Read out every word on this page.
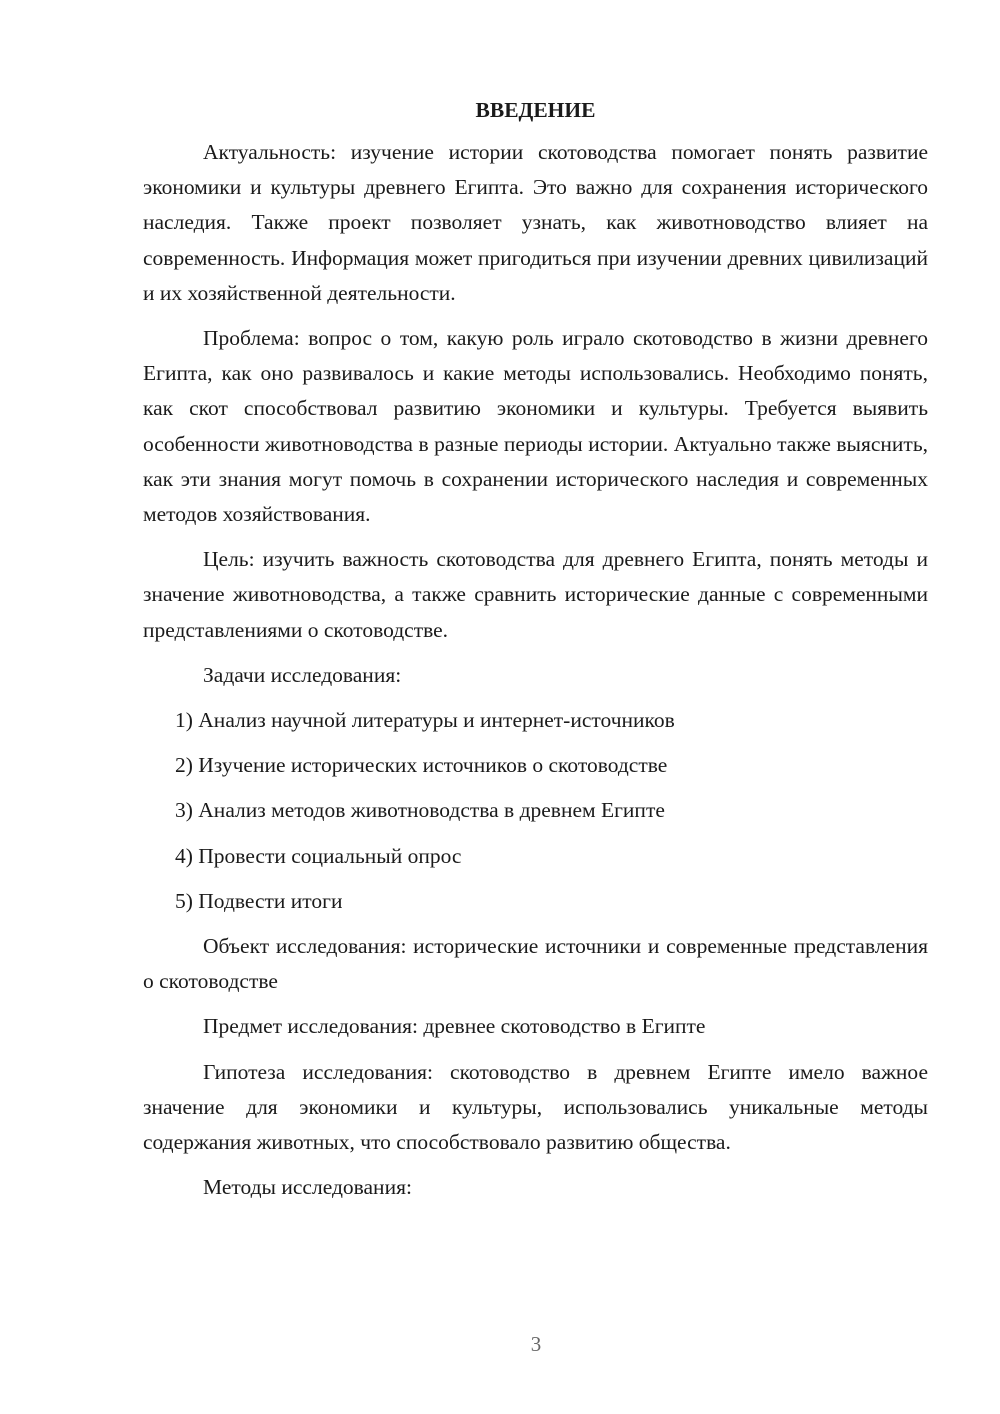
ВВЕДЕНИЕ

Актуальность: изучение истории скотоводства помогает понять развитие экономики и культуры древнего Египта. Это важно для сохранения исторического наследия. Также проект позволяет узнать, как животноводство влияет на современность. Информация может пригодиться при изучении древних цивилизаций и их хозяйственной деятельности.

Проблема: вопрос о том, какую роль играло скотоводство в жизни древнего Египта, как оно развивалось и какие методы использовались. Необходимо понять, как скот способствовал развитию экономики и культуры. Требуется выявить особенности животноводства в разные периоды истории. Актуально также выяснить, как эти знания могут помочь в сохранении исторического наследия и современных методов хозяйствования.

Цель: изучить важность скотоводства для древнего Египта, понять методы и значение животноводства, а также сравнить исторические данные с современными представлениями о скотоводстве.

Задачи исследования:

1) Анализ научной литературы и интернет-источников
2) Изучение исторических источников о скотоводстве
3) Анализ методов животноводства в древнем Египте
4) Провести социальный опрос
5) Подвести итоги

Объект исследования: исторические источники и современные представления о скотоводстве

Предмет исследования: древнее скотоводство в Египте

Гипотеза исследования: скотоводство в древнем Египте имело важное значение для экономики и культуры, использовались уникальные методы содержания животных, что способствовало развитию общества.

Методы исследования:

3
